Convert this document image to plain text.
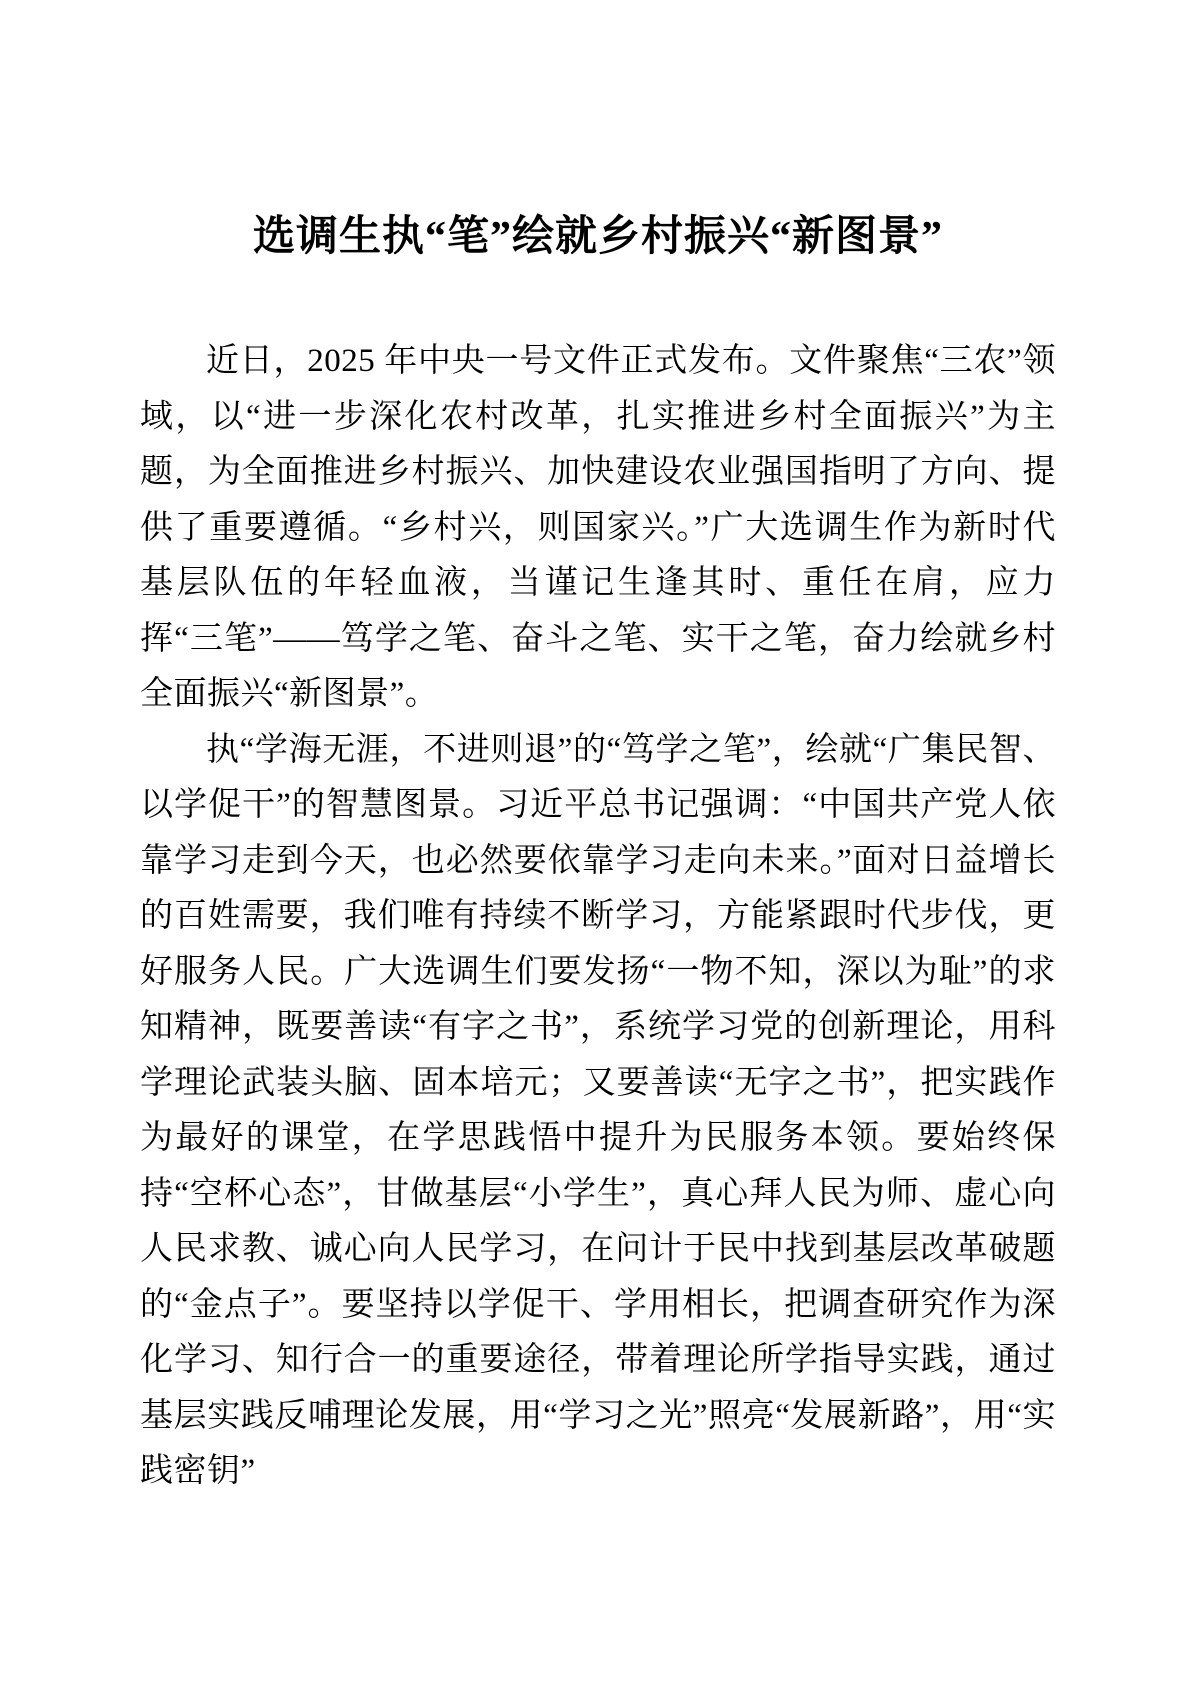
选调生执“笔”绘就乡村振兴“新图景”

近日，2025 年中央一号文件正式发布。文件聚焦“三农”领域，以“进一步深化农村改革，扎实推进乡村全面振兴”为主题，为全面推进乡村振兴、加快建设农业强国指明了方向、提供了重要遵循。“乡村兴，则国家兴。”广大选调生作为新时代基层队伍的年轻血液，当谨记生逢其时、重任在肩，应力挥“三笔”——笃学之笔、奋斗之笔、实干之笔，奋力绘就乡村全面振兴“新图景”。

执“学海无涯，不进则退”的“笃学之笔”，绘就“广集民智、以学促干”的智慧图景。习近平总书记强调：“中国共产党人依靠学习走到今天，也必然要依靠学习走向未来。”面对日益增长的百姓需要，我们唯有持续不断学习，方能紧跟时代步伐，更好服务人民。广大选调生们要发扬“一物不知，深以为耻”的求知精神，既要善读“有字之书”，系统学习党的创新理论，用科学理论武装头脑、固本培元；又要善读“无字之书”，把实践作为最好的课堂，在学思践悟中提升为民服务本领。要始终保持“空杯心态”，甘做基层“小学生”，真心拜人民为师、虚心向人民求教、诚心向人民学习，在问计于民中找到基层改革破题的“金点子”。要坚持以学促干、学用相长，把调查研究作为深化学习、知行合一的重要途径，带着理论所学指导实践，通过基层实践反哺理论发展，用“学习之光”照亮“发展新路”，用“实践密钥”
